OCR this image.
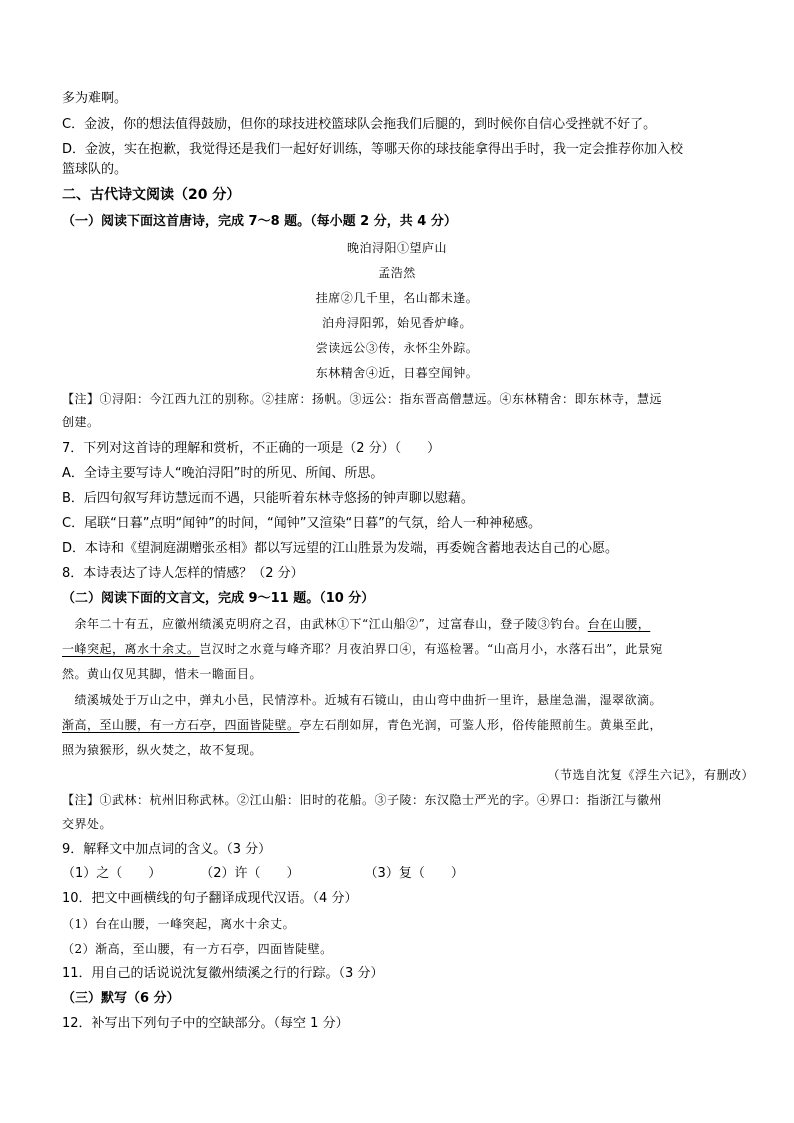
多为难啊。
C．金波，你的想法值得鼓励，但你的球技进校篮球队会拖我们后腿的，到时候你自信心受挫就不好了。
D．金波，实在抱歉，我觉得还是我们一起好好训练，等哪天你的球技能拿得出手时，我一定会推荐你加入校
篮球队的。
二、古代诗文阅读（20 分）
（一）阅读下面这首唐诗，完成 7～8 题。（每小题 2 分，共 4 分）
晚泊浔阳①望庐山
孟浩然
挂席②几千里，名山都未逢。
泊舟浔阳郭，始见香炉峰。
尝读远公③传，永怀尘外踪。
东林精舍④近，日暮空闻钟。
【注】①浔阳：今江西九江的别称。②挂席：扬帆。③远公：指东晋高僧慧远。④东林精舍：即东林寺，慧远
创建。
7．下列对这首诗的理解和赏析，不正确的一项是（2 分）（　　）
A．全诗主要写诗人“晚泊浔阳”时的所见、所闻、所思。
B．后四句叙写拜访慧远而不遇，只能听着东林寺悠扬的钟声聊以慰藉。
C．尾联“日暮”点明“闻钟”的时间，“闻钟”又渲染“日暮”的气氛，给人一种神秘感。
D．本诗和《望洞庭湖赠张丞相》都以写远望的江山胜景为发端，再委婉含蓄地表达自己的心愿。
8．本诗表达了诗人怎样的情感？（2 分）
（二）阅读下面的文言文，完成 9～11 题。（10 分）
　余年二十有五，应徽州绩溪克明府之召，由武林①下“江山船②”，过富春山，登子陵③钓台。台在山腰，
一峰突起，离水十余丈。岂汉时之水竟与峰齐耶？月夜泊界口④，有巡检署。“山高月小，水落石出”，此景宛
然。黄山仅见其脚，惜未一瞻面目。
　绩溪城处于万山之中，弹丸小邑，民情淳朴。近城有石镜山，由山弯中曲折一里许，悬崖急湍，湿翠欲滴。
渐高，至山腰，有一方石亭，四面皆陡壁。亭左石削如屏，青色光润，可鉴人形，俗传能照前生。黄巢至此，
照为猿猴形，纵火焚之，故不复现。
（节选自沈复《浮生六记》，有删改）
【注】①武林：杭州旧称武林。②江山船：旧时的花船。③子陵：东汉隐士严光的字。④界口：指浙江与徽州
交界处。
9．解释文中加点词的含义。（3 分）
（1）之（　　）　　　　（2）许（　　）　　　　　　（3）复（　　）
10．把文中画横线的句子翻译成现代汉语。（4 分）
（1）台在山腰，一峰突起，离水十余丈。
（2）渐高，至山腰，有一方石亭，四面皆陡壁。
11．用自己的话说说沈复徽州绩溪之行的行踪。（3 分）
（三）默写（6 分）
12．补写出下列句子中的空缺部分。（每空 1 分）
